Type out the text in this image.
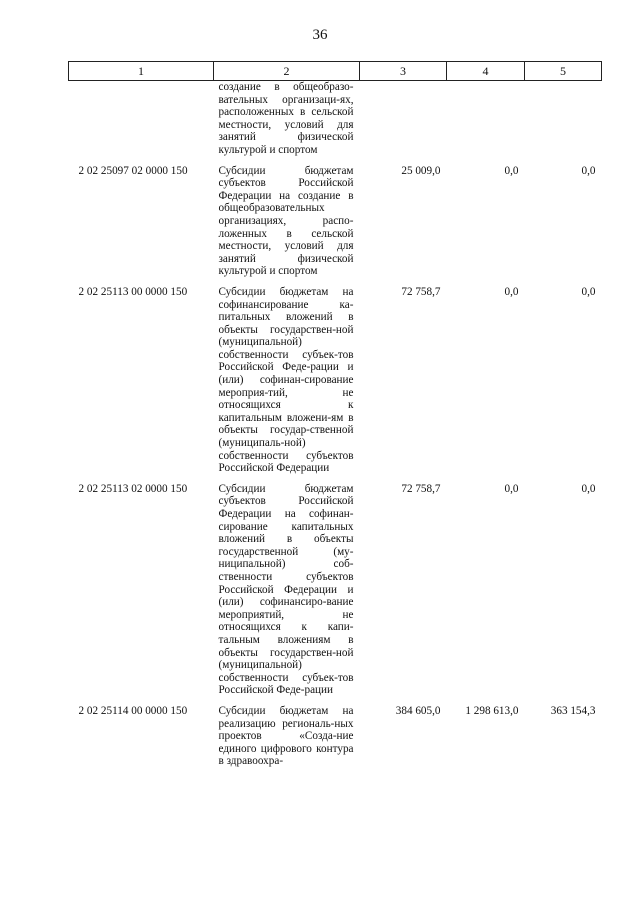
36
1	2	3	4	5
	создание в общеобразо-вательных организаци-ях, расположенных в сельской местности, условий для занятий физической культурой и спортом			
2 02 25097 02 0000 150	Субсидии бюджетам субъектов Российской Федерации на создание в общеобразовательных организациях, распо-ложенных в сельской местности, условий для занятий физической культурой и спортом	25 009,0	0,0	0,0
2 02 25113 00 0000 150	Субсидии бюджетам на софинансирование ка-питальных вложений в объекты государствен-ной (муниципальной) собственности субъек-тов Российской Феде-рации и (или) софинан-сирование мероприя-тий, не относящихся к капитальным вложени-ям в объекты государ-ственной (муниципаль-ной) собственности субъектов Российской Федерации	72 758,7	0,0	0,0
2 02 25113 02 0000 150	Субсидии бюджетам субъектов Российской Федерации на софинан-сирование капитальных вложений в объекты государственной (му-ниципальной) соб-ственности субъектов Российской Федерации и (или) софинансиро-вание мероприятий, не относящихся к капи-тальным вложениям в объекты государствен-ной (муниципальной) собственности субъек-тов Российской Феде-рации	72 758,7	0,0	0,0
2 02 25114 00 0000 150	Субсидии бюджетам на реализацию региональ-ных проектов «Созда-ние единого цифрового контура в здравоохра-	384 605,0	1 298 613,0	363 154,3
